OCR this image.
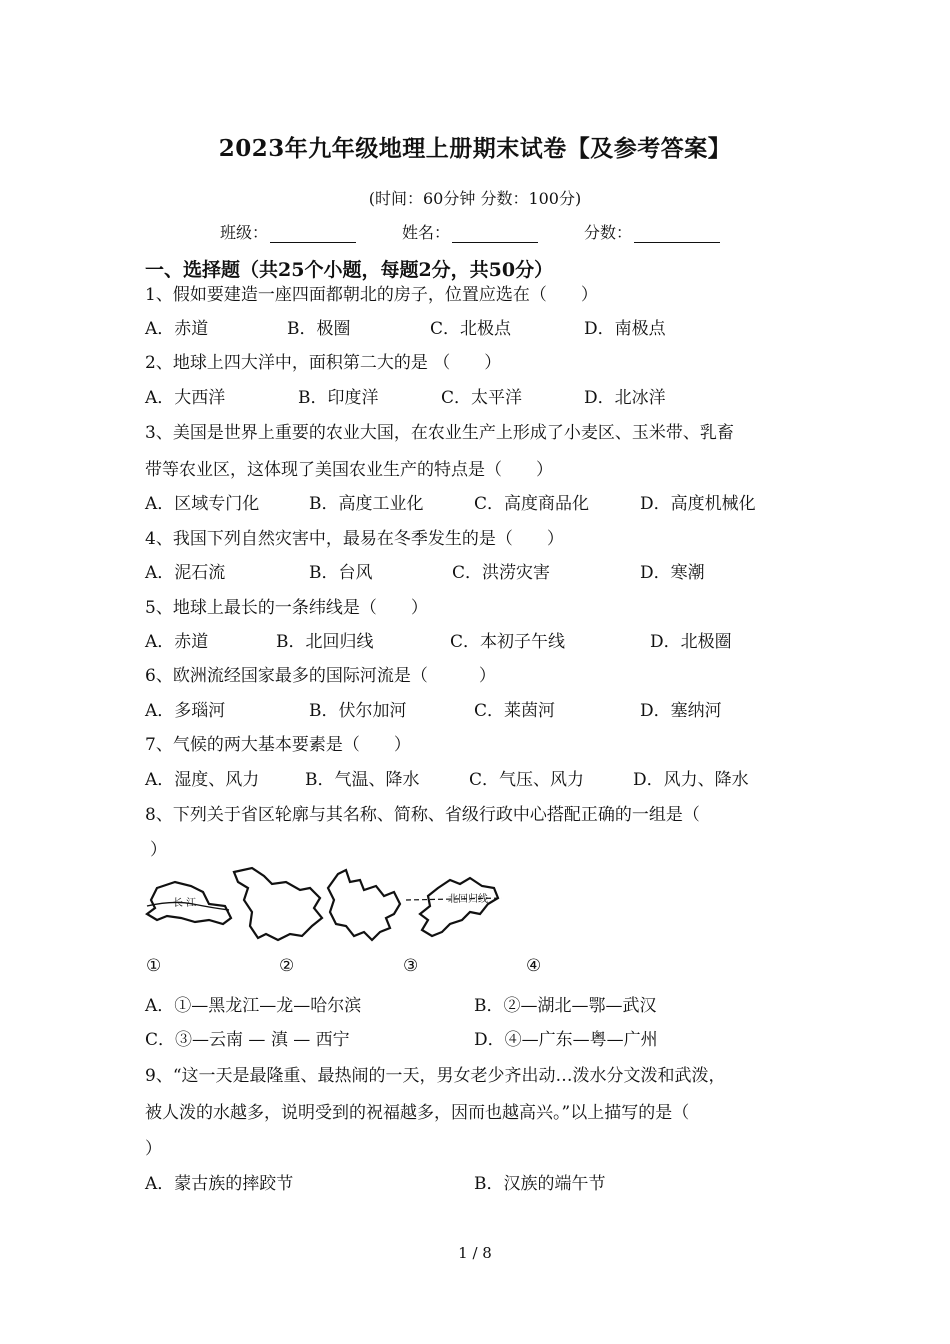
2023年九年级地理上册期末试卷【及参考答案】
(时间：60分钟 分数：100分)
班级：	姓名：	分数：
一、选择题（共25个小题，每题2分，共50分）
1、假如要建造一座四面都朝北的房子，位置应选在（　　）
A．赤道	B．极圈	C．北极点	D．南极点
2、地球上四大洋中，面积第二大的是 （　　）
A．大西洋	B．印度洋	C．太平洋	D．北冰洋
3、美国是世界上重要的农业大国，在农业生产上形成了小麦区、玉米带、乳畜
带等农业区，这体现了美国农业生产的特点是（　　）
A．区域专门化	B．高度工业化	C．高度商品化	D．高度机械化
4、我国下列自然灾害中，最易在冬季发生的是（　　）
A．泥石流	B．台风	C．洪涝灾害	D．寒潮
5、地球上最长的一条纬线是（　　）
A．赤道	B．北回归线	C．本初子午线	D．北极圈
6、欧洲流经国家最多的国际河流是（　　　）
A．多瑙河	B．伏尔加河	C．莱茵河	D．塞纳河
7、气候的两大基本要素是（　　）
A．湿度、风力	B．气温、降水	C．气压、风力	D．风力、降水
8、下列关于省区轮廓与其名称、简称、省级行政中心搭配正确的一组是（
）
长 江	北回归线
①	②	③	④
A．①—黑龙江—龙—哈尔滨	B．②—湖北—鄂—武汉
C．③—云南 — 滇 — 西宁	D．④—广东—粤—广州
9、“这一天是最隆重、最热闹的一天，男女老少齐出动…泼水分文泼和武泼，
被人泼的水越多，说明受到的祝福越多，因而也越高兴。”以上描写的是（
）
A．蒙古族的摔跤节	B．汉族的端午节
1 / 8
